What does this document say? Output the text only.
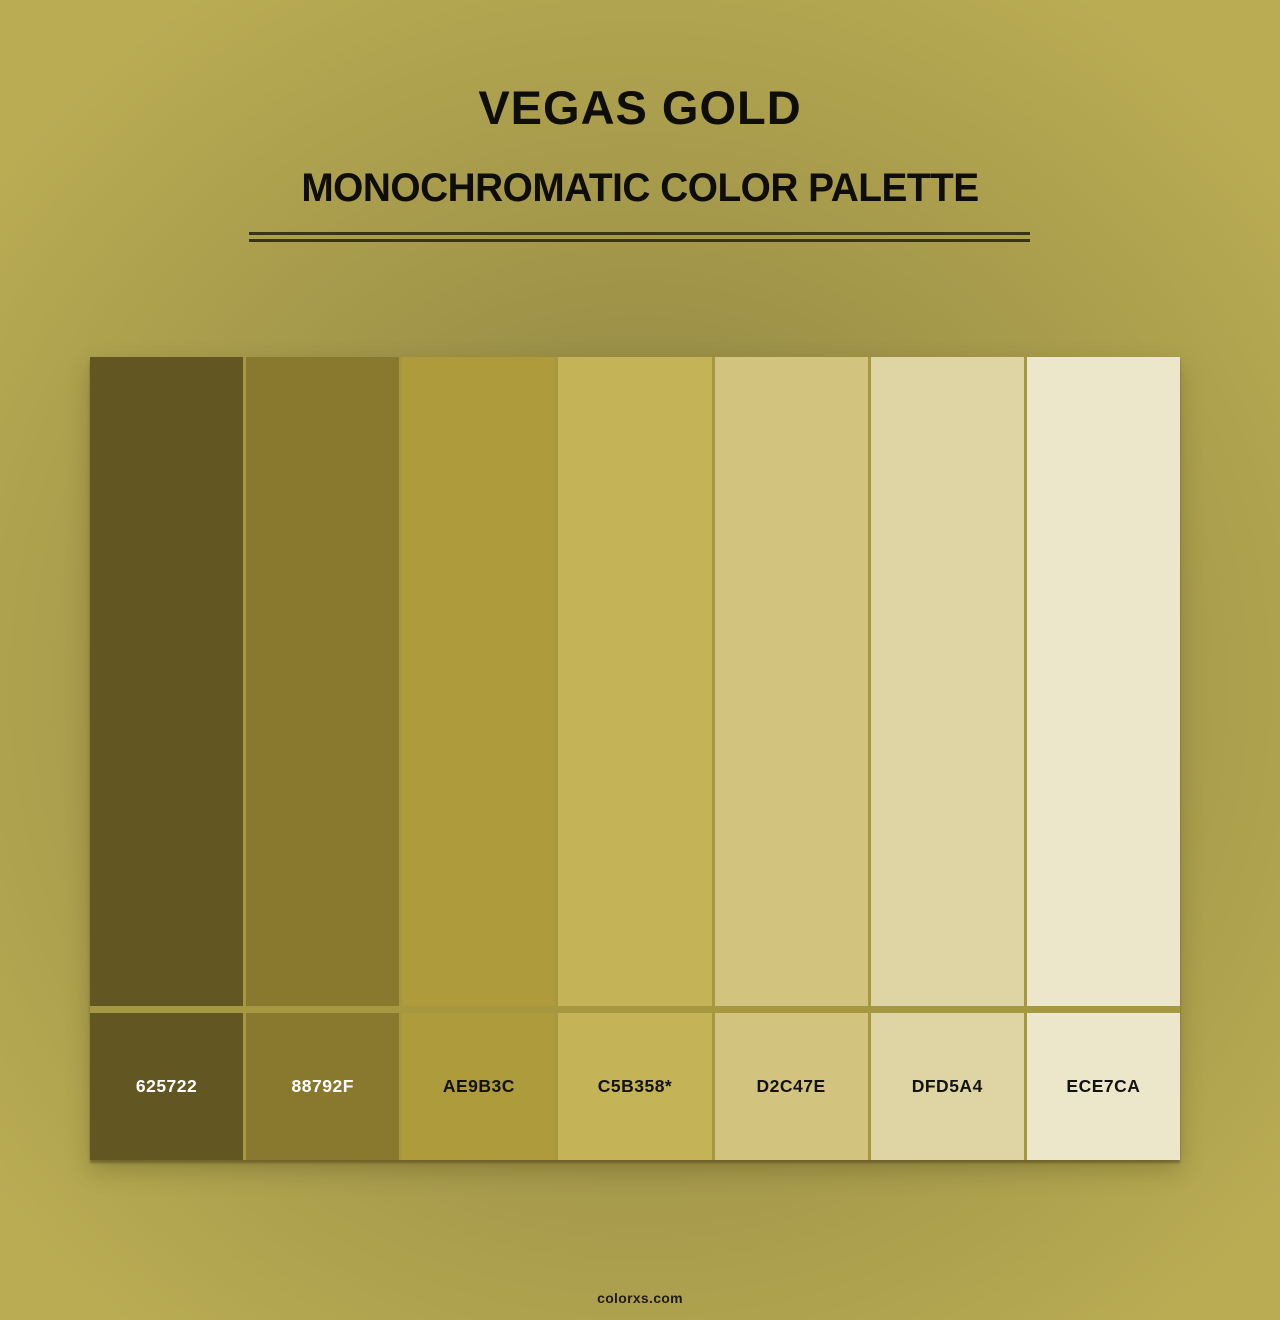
VEGAS GOLD
MONOCHROMATIC COLOR PALETTE
625722	88792F	AE9B3C	C5B358*	D2C47E	DFD5A4	ECE7CA
colorxs.com
